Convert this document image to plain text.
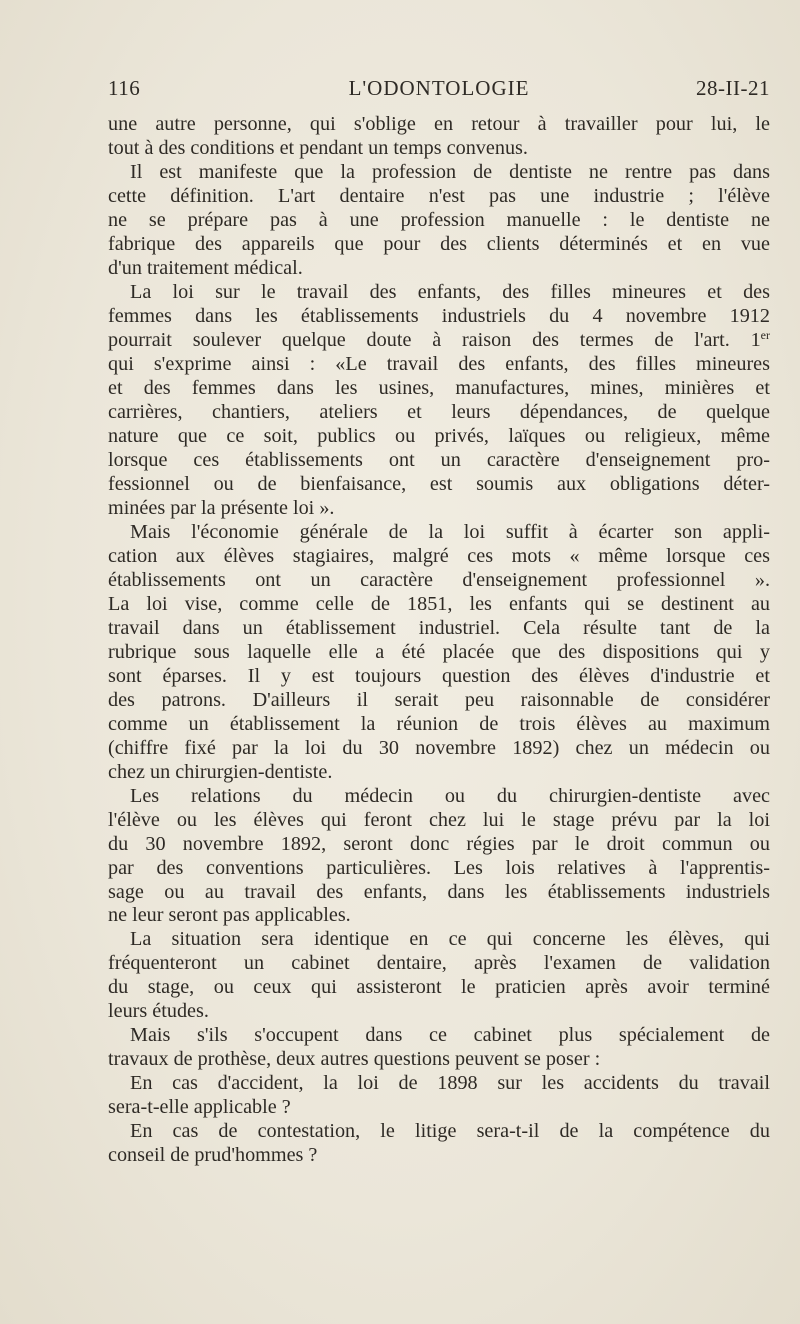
116	L'ODONTOLOGIE	28-II-21

une autre personne, qui s'oblige en retour à travailler pour lui, le

tout à des conditions et pendant un temps convenus.

Il est manifeste que la profession de dentiste ne rentre pas dans

cette définition. L'art dentaire n'est pas une industrie ; l'élève

ne se prépare pas à une profession manuelle : le dentiste ne

fabrique des appareils que pour des clients déterminés et en vue

d'un traitement médical.

La loi sur le travail des enfants, des filles mineures et des

femmes dans les établissements industriels du 4 novembre 1912

pourrait soulever quelque doute à raison des termes de l'art. 1er

qui s'exprime ainsi : «Le travail des enfants, des filles mineures

et des femmes dans les usines, manufactures, mines, minières et

carrières, chantiers, ateliers et leurs dépendances, de quelque

nature que ce soit, publics ou privés, laïques ou religieux, même

lorsque ces établissements ont un caractère d'enseignement pro-

fessionnel ou de bienfaisance, est soumis aux obligations déter-

minées par la présente loi ».

Mais l'économie générale de la loi suffit à écarter son appli-

cation aux élèves stagiaires, malgré ces mots « même lorsque ces

établissements ont un caractère d'enseignement professionnel ».

La loi vise, comme celle de 1851, les enfants qui se destinent au

travail dans un établissement industriel. Cela résulte tant de la

rubrique sous laquelle elle a été placée que des dispositions qui y

sont éparses. Il y est toujours question des élèves d'industrie et

des patrons. D'ailleurs il serait peu raisonnable de considérer

comme un établissement la réunion de trois élèves au maximum

(chiffre fixé par la loi du 30 novembre 1892) chez un médecin ou

chez un chirurgien-dentiste.

Les relations du médecin ou du chirurgien-dentiste avec

l'élève ou les élèves qui feront chez lui le stage prévu par la loi

du 30 novembre 1892, seront donc régies par le droit commun ou

par des conventions particulières. Les lois relatives à l'apprentis-

sage ou au travail des enfants, dans les établissements industriels

ne leur seront pas applicables.

La situation sera identique en ce qui concerne les élèves, qui

fréquenteront un cabinet dentaire, après l'examen de validation

du stage, ou ceux qui assisteront le praticien après avoir terminé

leurs études.

Mais s'ils s'occupent dans ce cabinet plus spécialement de

travaux de prothèse, deux autres questions peuvent se poser :

En cas d'accident, la loi de 1898 sur les accidents du travail

sera-t-elle applicable ?

En cas de contestation, le litige sera-t-il de la compétence du

conseil de prud'hommes ?
